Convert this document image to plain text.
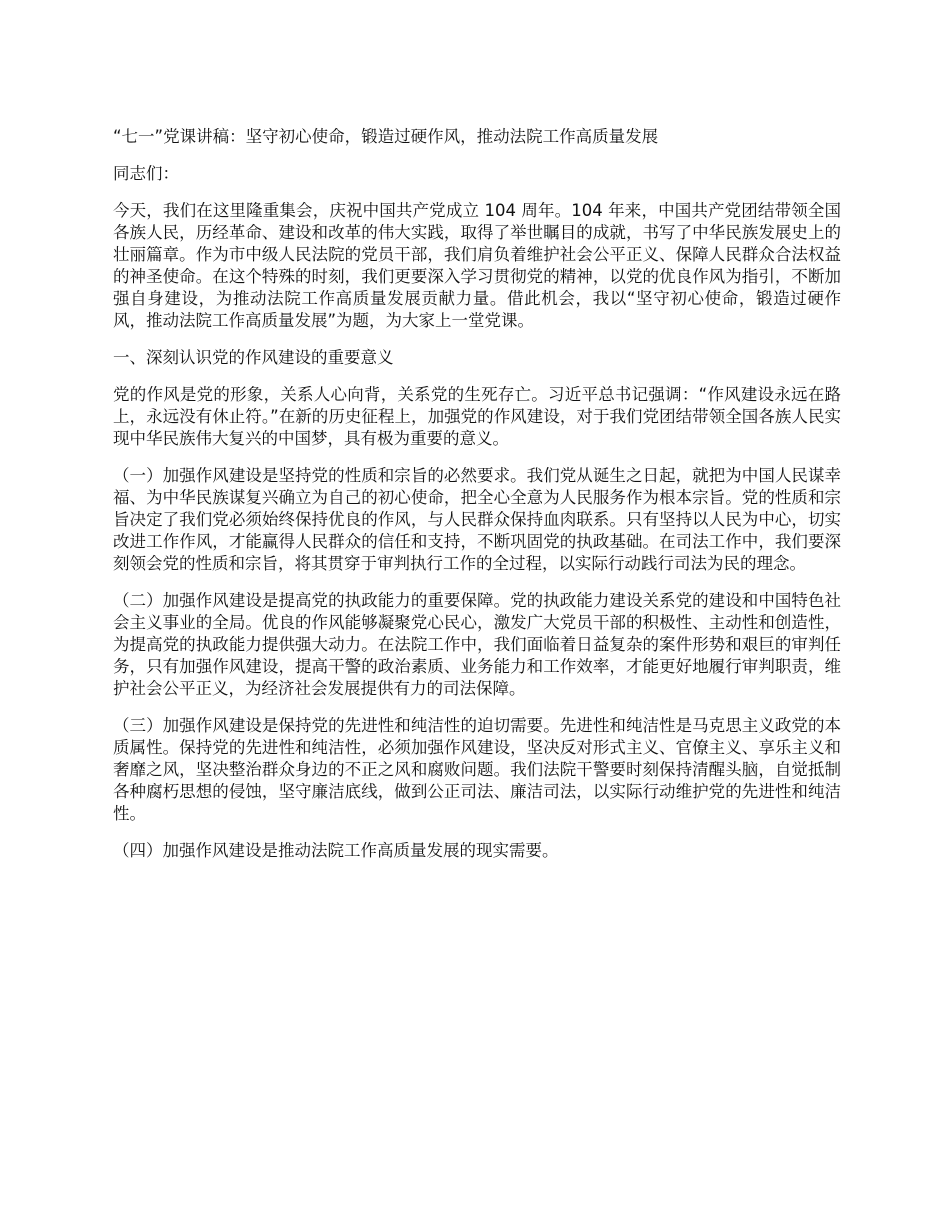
“七一”党课讲稿：坚守初心使命，锻造过硬作风，推动法院工作高质量发展

同志们：

今天，我们在这里隆重集会，庆祝中国共产党成立 104 周年。104 年来，中国共产党团结带领全国各族人民，历经革命、建设和改革的伟大实践，取得了举世瞩目的成就，书写了中华民族发展史上的壮丽篇章。作为市中级人民法院的党员干部，我们肩负着维护社会公平正义、保障人民群众合法权益的神圣使命。在这个特殊的时刻，我们更要深入学习贯彻党的精神，以党的优良作风为指引，不断加强自身建设，为推动法院工作高质量发展贡献力量。借此机会，我以“坚守初心使命，锻造过硬作风，推动法院工作高质量发展”为题，为大家上一堂党课。

一、深刻认识党的作风建设的重要意义

党的作风是党的形象，关系人心向背，关系党的生死存亡。习近平总书记强调：“作风建设永远在路上，永远没有休止符。”在新的历史征程上，加强党的作风建设，对于我们党团结带领全国各族人民实现中华民族伟大复兴的中国梦，具有极为重要的意义。

（一）加强作风建设是坚持党的性质和宗旨的必然要求。我们党从诞生之日起，就把为中国人民谋幸福、为中华民族谋复兴确立为自己的初心使命，把全心全意为人民服务作为根本宗旨。党的性质和宗旨决定了我们党必须始终保持优良的作风，与人民群众保持血肉联系。只有坚持以人民为中心，切实改进工作作风，才能赢得人民群众的信任和支持，不断巩固党的执政基础。在司法工作中，我们要深刻领会党的性质和宗旨，将其贯穿于审判执行工作的全过程，以实际行动践行司法为民的理念。

（二）加强作风建设是提高党的执政能力的重要保障。党的执政能力建设关系党的建设和中国特色社会主义事业的全局。优良的作风能够凝聚党心民心，激发广大党员干部的积极性、主动性和创造性，为提高党的执政能力提供强大动力。在法院工作中，我们面临着日益复杂的案件形势和艰巨的审判任务，只有加强作风建设，提高干警的政治素质、业务能力和工作效率，才能更好地履行审判职责，维护社会公平正义，为经济社会发展提供有力的司法保障。

（三）加强作风建设是保持党的先进性和纯洁性的迫切需要。先进性和纯洁性是马克思主义政党的本质属性。保持党的先进性和纯洁性，必须加强作风建设，坚决反对形式主义、官僚主义、享乐主义和奢靡之风，坚决整治群众身边的不正之风和腐败问题。我们法院干警要时刻保持清醒头脑，自觉抵制各种腐朽思想的侵蚀，坚守廉洁底线，做到公正司法、廉洁司法，以实际行动维护党的先进性和纯洁性。

（四）加强作风建设是推动法院工作高质量发展的现实需要。
